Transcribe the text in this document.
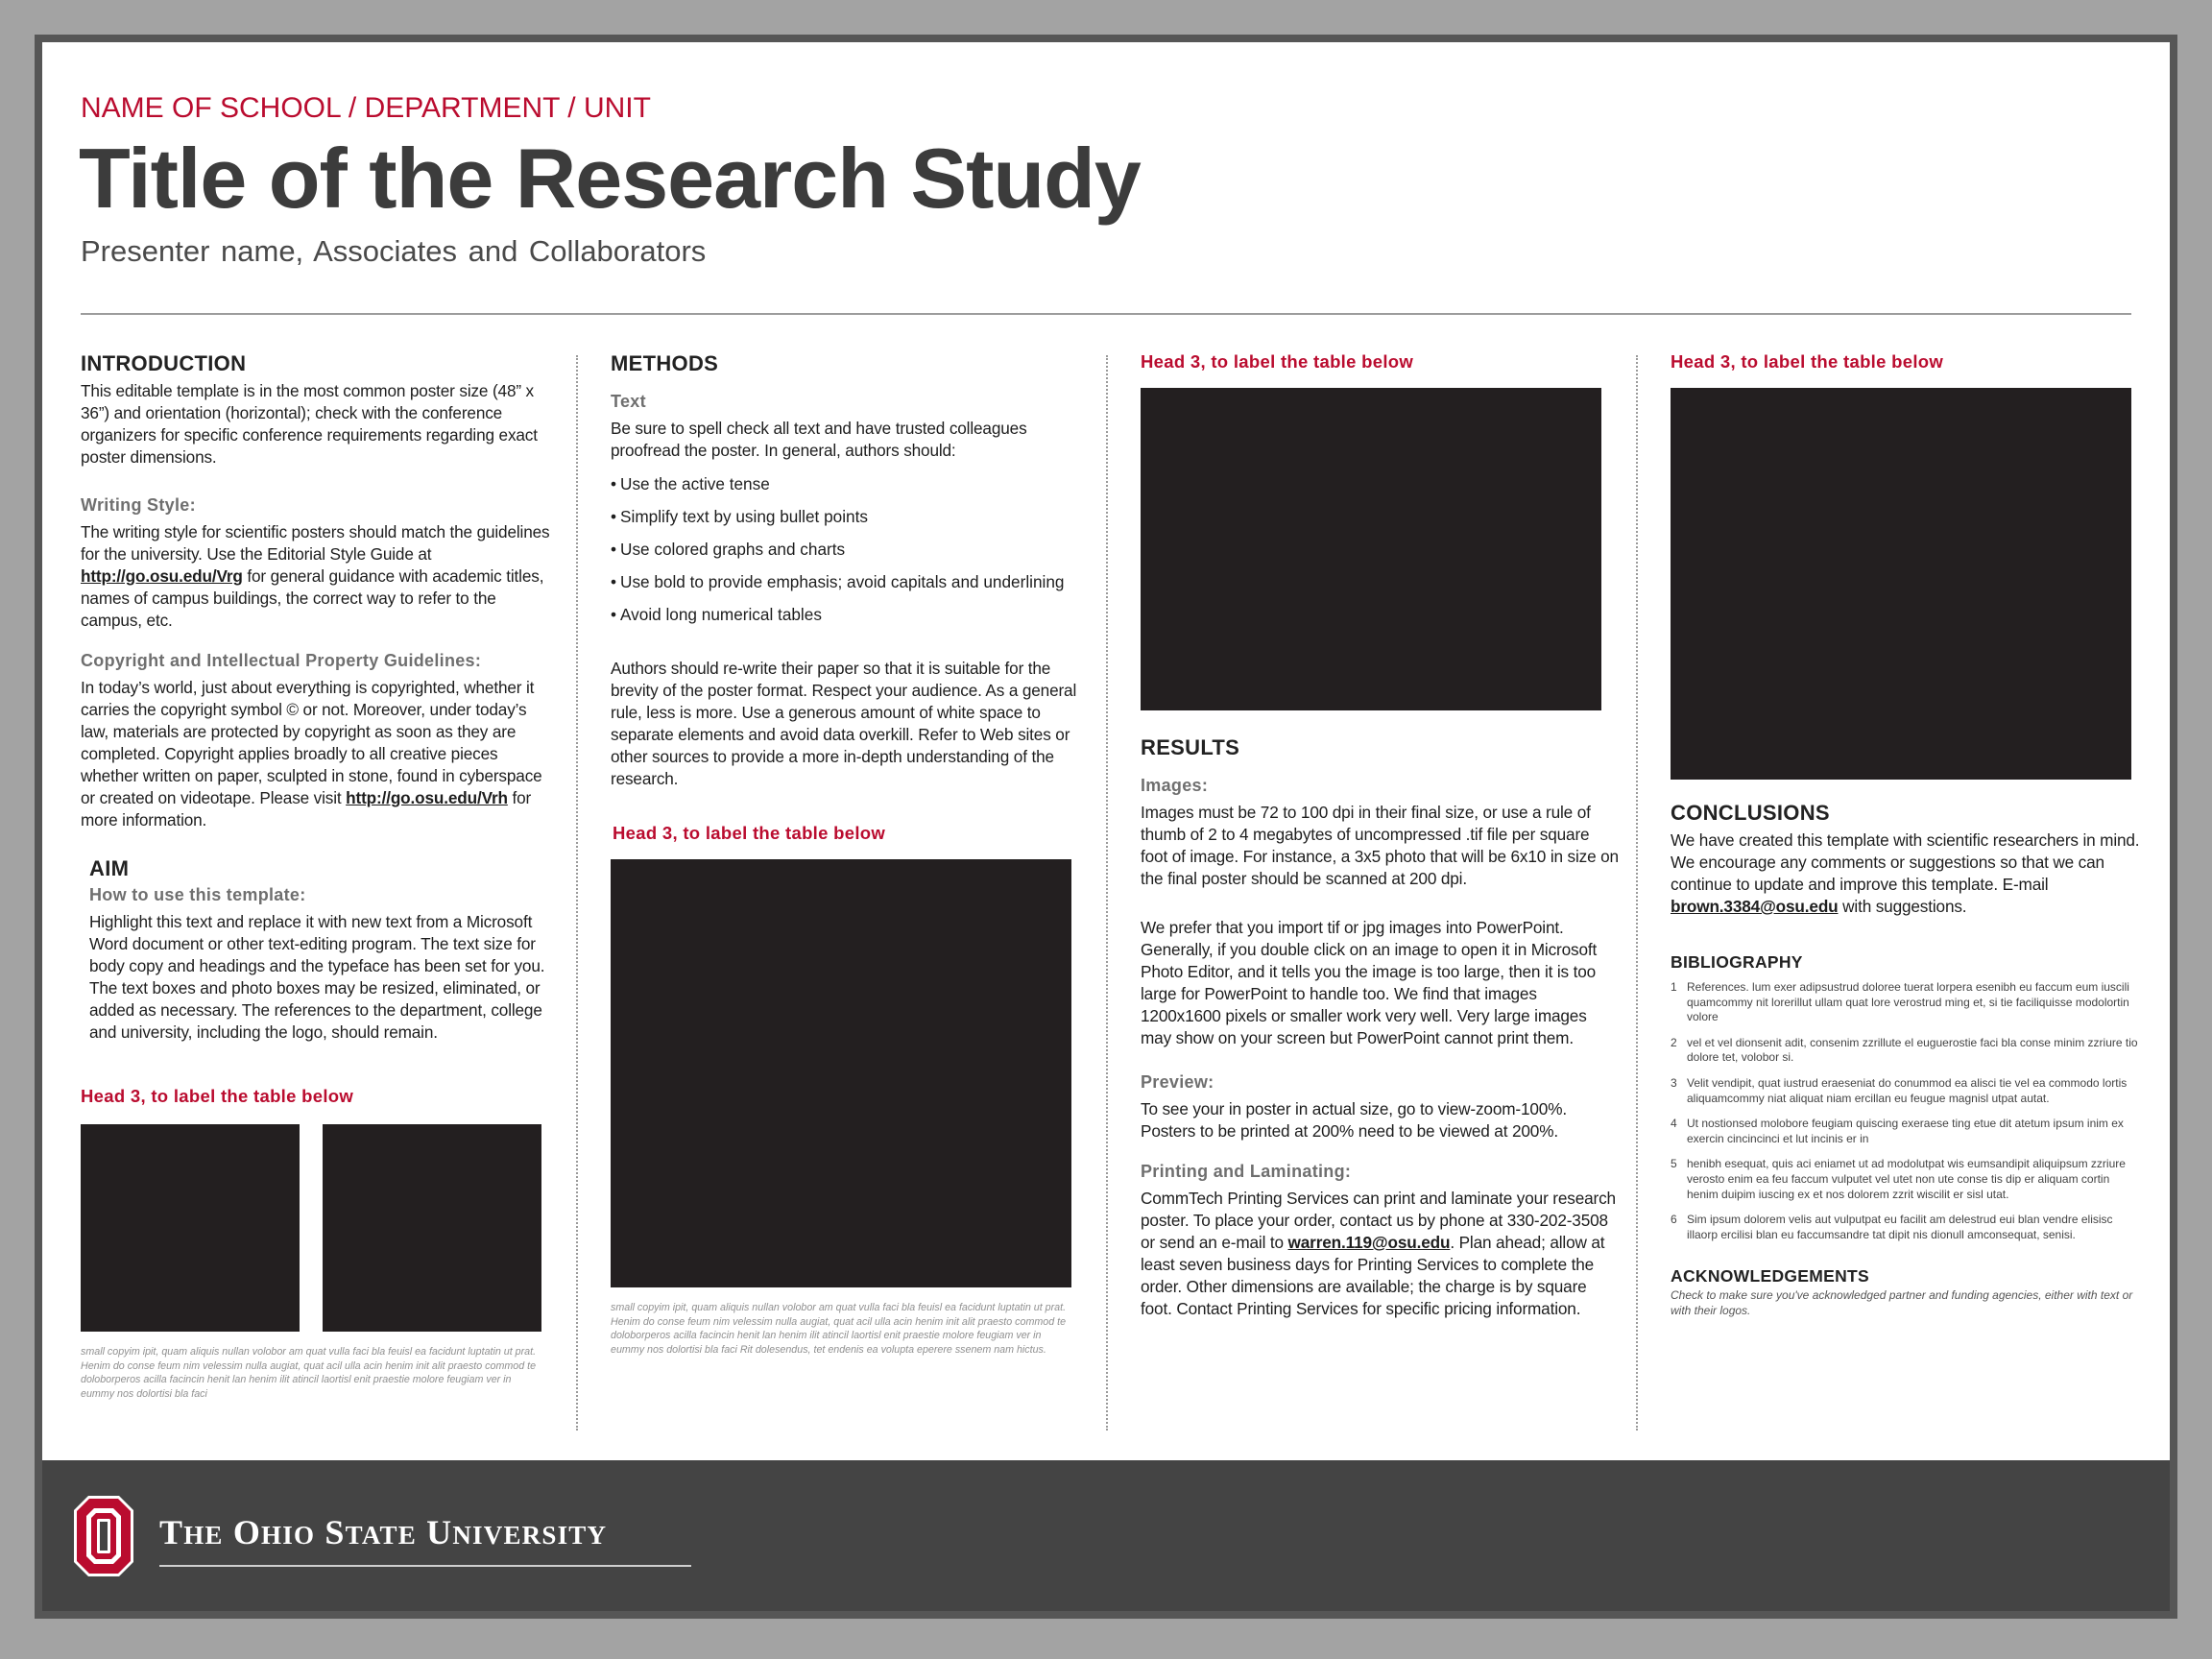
NAME OF SCHOOL / DEPARTMENT / UNIT
Title of the Research Study
Presenter name, Associates and Collaborators
INTRODUCTION

This editable template is in the most common poster size (48” x 36”) and orientation (horizontal); check with the conference organizers for specific conference requirements regarding exact poster dimensions.

Writing Style:

The writing style for scientific posters should match the guidelines for the university. Use the Editorial Style Guide at http://go.osu.edu/Vrg for general guidance with academic titles, names of campus buildings, the correct way to refer to the campus, etc.

Copyright and Intellectual Property Guidelines:

In today’s world, just about everything is copyrighted, whether it carries the copyright symbol © or not. Moreover, under today’s law, materials are protected by copyright as soon as they are completed. Copyright applies broadly to all creative pieces whether written on paper, sculpted in stone, found in cyberspace or created on videotape. Please visit http://go.osu.edu/Vrh for more information.

AIM
How to use this template:

Highlight this text and replace it with new text from a Microsoft Word document or other text-editing program. The text size for body copy and headings and the typeface has been set for you. The text boxes and photo boxes may be resized, eliminated, or added as necessary. The references to the department, college and university, including the logo, should remain.

Head 3, to label the table below
small copyim ipit, quam aliquis nullan volobor am quat vulla faci bla feuisl ea facidunt luptatin ut prat. Henim do conse feum nim velessim nulla augiat, quat acil ulla acin henim init alit praesto commod te doloborperos acilla facincin henit lan henim ilit atincil laortisl enit praestie molore feugiam ver in eummy nos dolortisi bla faci
METHODS
Text

Be sure to spell check all text and have trusted colleagues proofread the poster. In general, authors should:

• Use the active tense
• Simplify text by using bullet points
• Use colored graphs and charts
• Use bold to provide emphasis; avoid capitals and underlining
• Avoid long numerical tables

Authors should re-write their paper so that it is suitable for the brevity of the poster format. Respect your audience. As a general rule, less is more. Use a generous amount of white space to separate elements and avoid data overkill. Refer to Web sites or other sources to provide a more in-depth understanding of the research.

Head 3, to label the table below
small copyim ipit, quam aliquis nullan volobor am quat vulla faci bla feuisl ea facidunt luptatin ut prat. Henim do conse feum nim velessim nulla augiat, quat acil ulla acin henim init alit praesto commod te doloborperos acilla facincin henit lan henim ilit atincil laortisl enit praestie molore feugiam ver in eummy nos dolortisi bla faci Rit dolesendus, tet endenis ea volupta eperere ssenem nam hictus.
Head 3, to label the table below
RESULTS
Images:

Images must be 72 to 100 dpi in their final size, or use a rule of thumb of 2 to 4 megabytes of uncompressed .tif file per square foot of image. For instance, a 3x5 photo that will be 6x10 in size on the final poster should be scanned at 200 dpi.

We prefer that you import tif or jpg images into PowerPoint. Generally, if you double click on an image to open it in Microsoft Photo Editor, and it tells you the image is too large, then it is too large for PowerPoint to handle too. We find that images 1200x1600 pixels or smaller work very well. Very large images may show on your screen but PowerPoint cannot print them.

Preview:

To see your in poster in actual size, go to view-zoom-100%. Posters to be printed at 200% need to be viewed at 200%.

Printing and Laminating:

CommTech Printing Services can print and laminate your research poster. To place your order, contact us by phone at 330-202-3508 or send an e-mail to warren.119@osu.edu. Plan ahead; allow at least seven business days for Printing Services to complete the order. Other dimensions are available; the charge is by square foot. Contact Printing Services for specific pricing information.

Head 3, to label the table below
CONCLUSIONS

We have created this template with scientific researchers in mind. We encourage any comments or suggestions so that we can continue to update and improve this template. E-mail brown.3384@osu.edu with suggestions.

BIBLIOGRAPHY
1 References. lum exer adipsustrud doloree tuerat lorpera esenibh eu faccum eum iuscili quamcommy nit lorerillut ullam quat lore verostrud ming et, si tie faciliquisse modolortin volore
2 vel et vel dionsenit adit, consenim zzrillute el euguerostie faci bla conse minim zzriure tio dolore tet, volobor si.
3 Velit vendipit, quat iustrud eraeseniat do conummod ea alisci tie vel ea commodo lortis aliquamcommy niat aliquat niam ercillan eu feugue magnisl utpat autat.
4 Ut nostionsed molobore feugiam quiscing exeraese ting etue dit atetum ipsum inim ex exercin cincincinci et lut incinis er in
5 henibh esequat, quis aci eniamet ut ad modolutpat wis eumsandipit aliquipsum zzriure verosto enim ea feu faccum vulputet vel utet non ute conse tis dip er aliquam cortin henim duipim iuscing ex et nos dolorem zzrit wiscilit er sisl utat.
6 Sim ipsum dolorem velis aut vulputpat eu facilit am delestrud eui blan vendre elisisc illaorp ercilisi blan eu faccumsandre tat dipit nis dionull amconsequat, senisi.
ACKNOWLEDGEMENTS
Check to make sure you've acknowledged partner and funding agencies, either with text or with their logos.
THE OHIO STATE UNIVERSITY
